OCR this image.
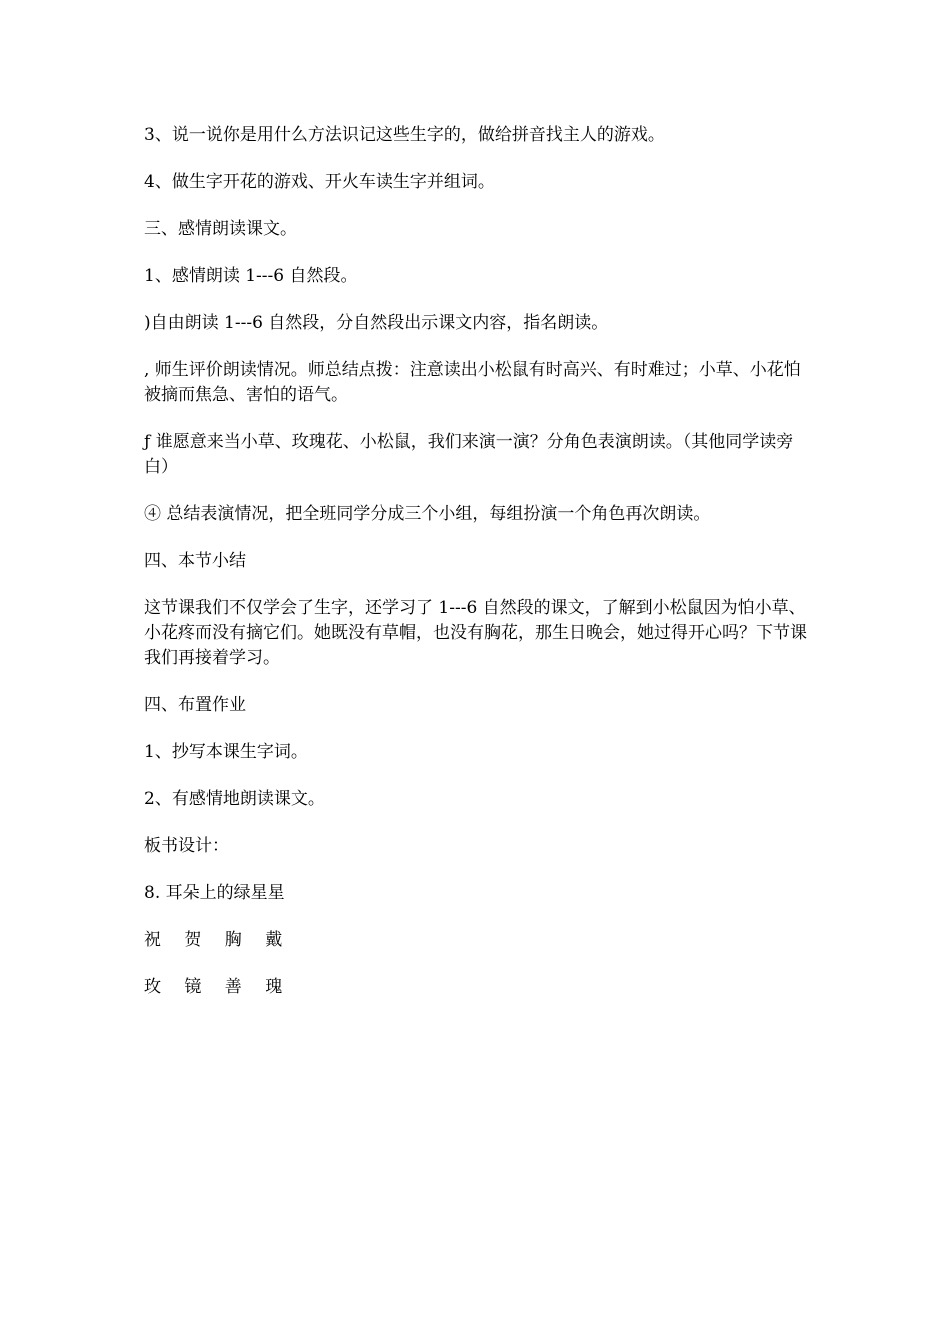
3、说一说你是用什么方法识记这些生字的，做给拼音找主人的游戏。

4、做生字开花的游戏、开火车读生字并组词。

三、感情朗读课文。

1、感情朗读 1---6 自然段。

)自由朗读 1---6 自然段，分自然段出示课文内容，指名朗读。

, 师生评价朗读情况。师总结点拨：注意读出小松鼠有时高兴、有时难过；小草、小花怕被摘而焦急、害怕的语气。

ƒ 谁愿意来当小草、玫瑰花、小松鼠，我们来演一演？分角色表演朗读。（其他同学读旁白）

④ 总结表演情况，把全班同学分成三个小组，每组扮演一个角色再次朗读。

四、本节小结

这节课我们不仅学会了生字，还学习了 1---6 自然段的课文，了解到小松鼠因为怕小草、小花疼而没有摘它们。她既没有草帽，也没有胸花，那生日晚会，她过得开心吗？下节课我们再接着学习。

四、布置作业

1、抄写本课生字词。

2、有感情地朗读课文。

板书设计：

8. 耳朵上的绿星星

祝 贺 胸 戴

玫 镜 善 瑰
